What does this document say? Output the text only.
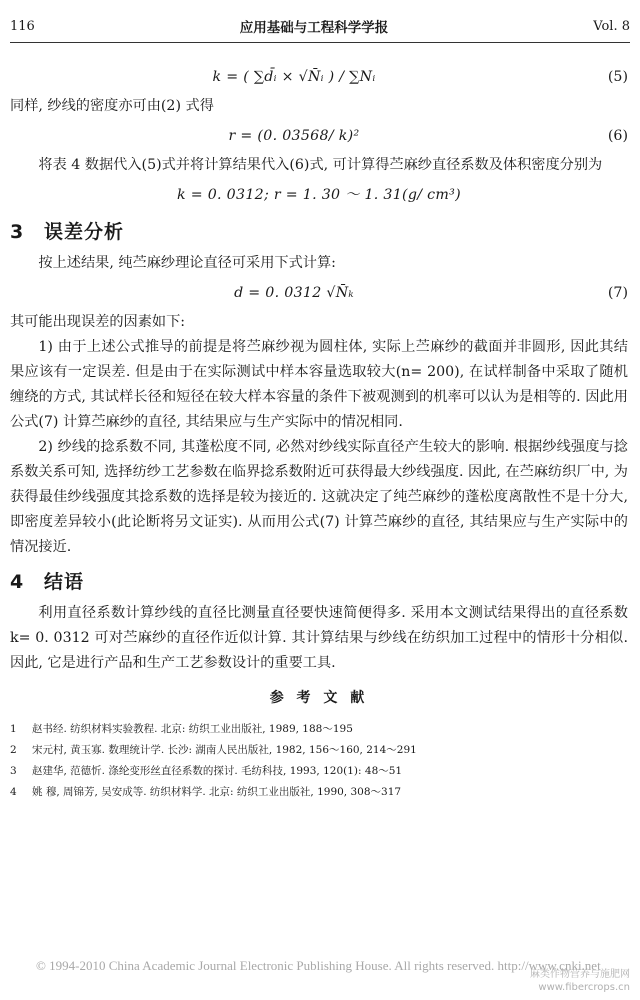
116	应用基础与工程科学学报	Vol. 8
k = ( ∑d̄ᵢ × √N̄ᵢ ) / ∑Nᵢ	(5)

同样, 纱线的密度亦可由(2) 式得

r = (0. 03568/ k)²	(6)

将表 4 数据代入(5)式并将计算结果代入(6)式, 可计算得苎麻纱直径系数及体积密度分别为

k = 0. 0312; r = 1. 30 ～ 1. 31(g/ cm³)
3 误差分析

按上述结果, 纯苎麻纱理论直径可采用下式计算:

d = 0. 0312 √N̄ₖ	(7)

其可能出现误差的因素如下:

1) 由于上述公式推导的前提是将苎麻纱视为圆柱体, 实际上苎麻纱的截面并非圆形, 因此其结果应该有一定误差. 但是由于在实际测试中样本容量选取较大(n= 200), 在试样制备中采取了随机缠绕的方式, 其试样长径和短径在较大样本容量的条件下被观测到的机率可以认为是相等的. 因此用公式(7) 计算苎麻纱的直径, 其结果应与生产实际中的情况相同.

2) 纱线的捻系数不同, 其蓬松度不同, 必然对纱线实际直径产生较大的影响. 根据纱线强度与捻系数关系可知, 选择纺纱工艺参数在临界捻系数附近可获得最大纱线强度. 因此, 在苎麻纺织厂中, 为获得最佳纱线强度其捻系数的选择是较为接近的. 这就决定了纯苎麻纱的蓬松度离散性不是十分大, 即密度差异较小(此论断将另文证实). 从而用公式(7) 计算苎麻纱的直径, 其结果应与生产实际中的情况接近.

4 结语

利用直径系数计算纱线的直径比测量直径要快速简便得多. 采用本文测试结果得出的直径系数 k= 0. 0312 可对苎麻纱的直径作近似计算. 其计算结果与纱线在纺织加工过程中的情形十分相似. 因此, 它是进行产品和生产工艺参数设计的重要工具.

参 考 文 献
1	赵书经. 纺织材料实验教程. 北京: 纺织工业出版社, 1989, 188～195
2	宋元村, 黄玉寡. 数理统计学. 长沙: 湖南人民出版社, 1982, 156～160, 214～291
3	赵建华, 范德忻. 涤纶变形丝直径系数的探讨. 毛纺科技, 1993, 120(1): 48～51
4	姚 穆, 周锦芳, 吴安成等. 纺织材料学. 北京: 纺织工业出版社, 1990, 308～317
© 1994-2010 China Academic Journal Electronic Publishing House. All rights reserved. http://www.cnki.net
麻类作物营养与施肥网
www.fibercrops.cn
